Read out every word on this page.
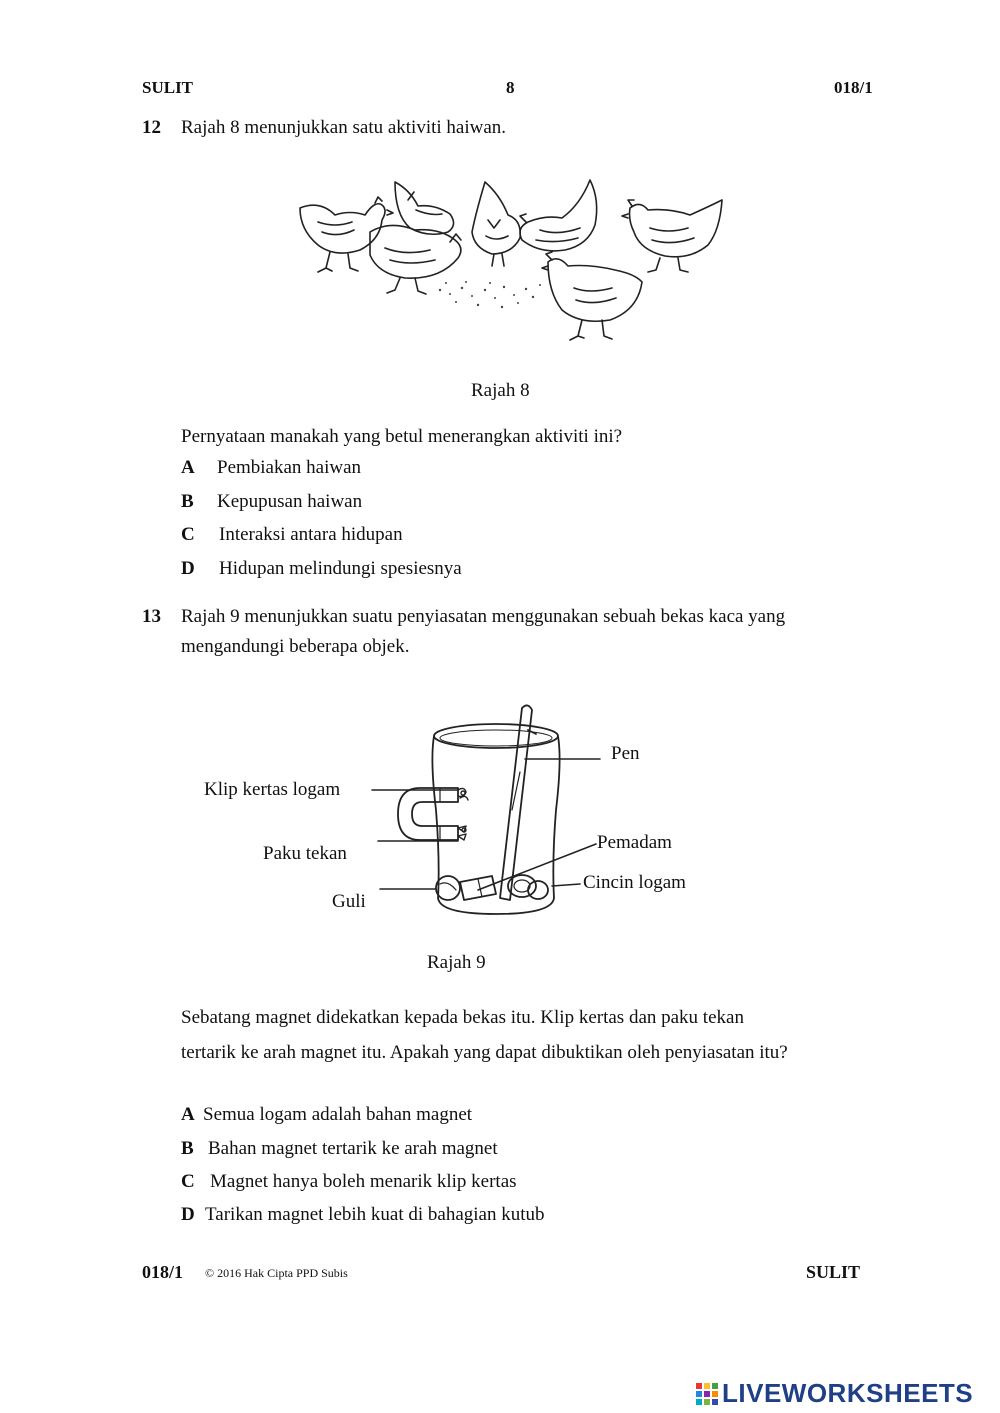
SULIT	8	018/1
12 Rajah 8 menunjukkan satu aktiviti haiwan.
Rajah 8
Pernyataan manakah yang betul menerangkan aktiviti ini?
A Pembiakan haiwan
B Kepupusan haiwan
C Interaksi antara hidupan
D Hidupan melindungi spesiesnya
13 Rajah 9 menunjukkan suatu penyiasatan menggunakan sebuah bekas kaca yang
mengandungi beberapa objek.
Pen
Klip kertas logam
Pemadam
Paku tekan
Cincin logam
Guli
Rajah 9
Sebatang magnet didekatkan kepada bekas itu. Klip kertas dan paku tekan
tertarik ke arah magnet itu. Apakah yang dapat dibuktikan oleh penyiasatan itu?
A Semua logam adalah bahan magnet
B Bahan magnet tertarik ke arah magnet
C Magnet hanya boleh menarik klip kertas
D Tarikan magnet lebih kuat di bahagian kutub
018/1 © 2016 Hak Cipta PPD Subis	SULIT
LIVEWORKSHEETS
